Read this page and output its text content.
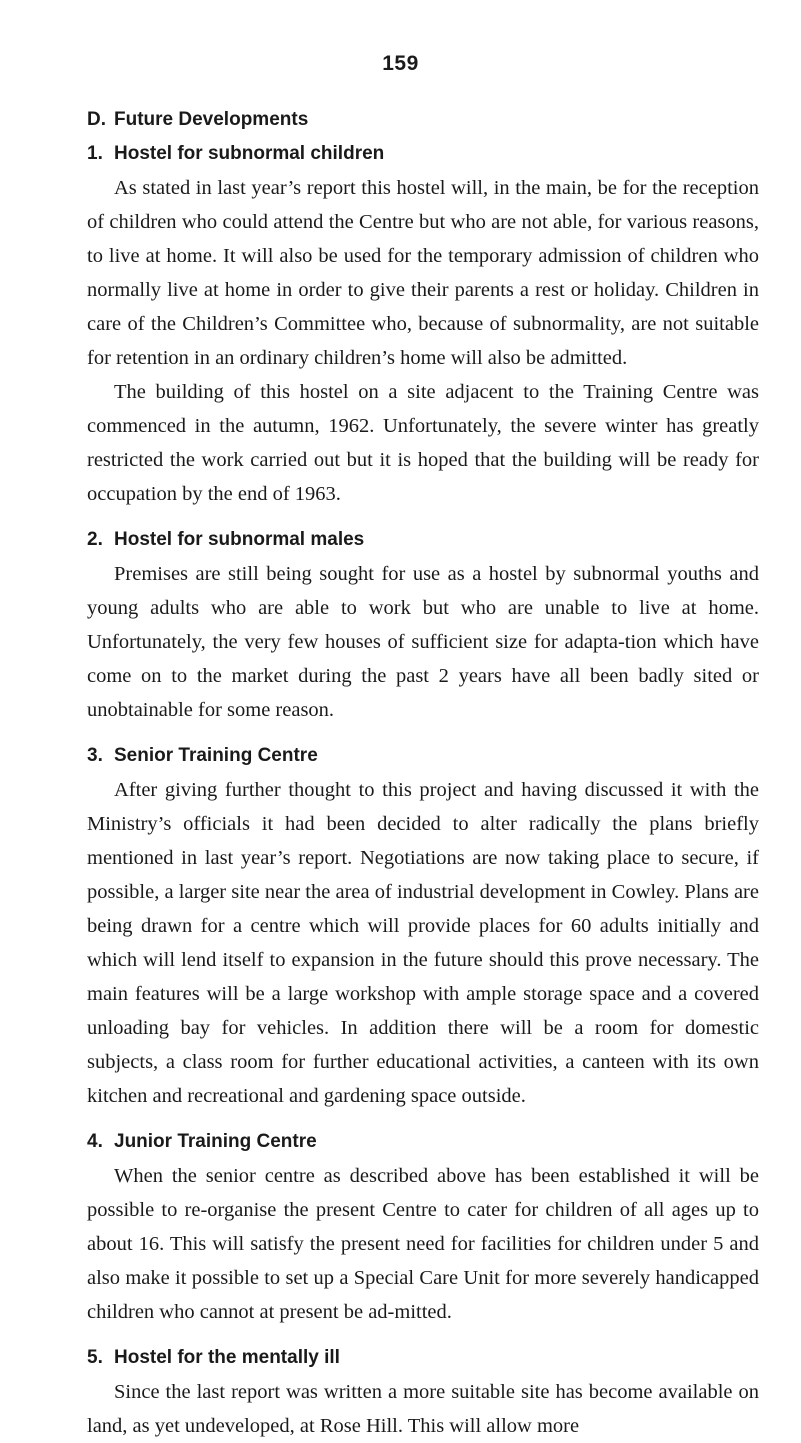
159
D. Future Developments
1. Hostel for subnormal children

As stated in last year’s report this hostel will, in the main, be for the reception of children who could attend the Centre but who are not able, for various reasons, to live at home. It will also be used for the temporary admission of children who normally live at home in order to give their parents a rest or holiday. Children in care of the Children’s Committee who, because of subnormality, are not suitable for retention in an ordinary children’s home will also be admitted.

The building of this hostel on a site adjacent to the Training Centre was commenced in the autumn, 1962. Unfortunately, the severe winter has greatly restricted the work carried out but it is hoped that the building will be ready for occupation by the end of 1963.

2. Hostel for subnormal males

Premises are still being sought for use as a hostel by subnormal youths and young adults who are able to work but who are unable to live at home. Unfortunately, the very few houses of sufficient size for adapta-tion which have come on to the market during the past 2 years have all been badly sited or unobtainable for some reason.

3. Senior Training Centre

After giving further thought to this project and having discussed it with the Ministry’s officials it had been decided to alter radically the plans briefly mentioned in last year’s report. Negotiations are now taking place to secure, if possible, a larger site near the area of industrial development in Cowley. Plans are being drawn for a centre which will provide places for 60 adults initially and which will lend itself to expansion in the future should this prove necessary. The main features will be a large workshop with ample storage space and a covered unloading bay for vehicles. In addition there will be a room for domestic subjects, a class room for further educational activities, a canteen with its own kitchen and recreational and gardening space outside.

4. Junior Training Centre

When the senior centre as described above has been established it will be possible to re-organise the present Centre to cater for children of all ages up to about 16. This will satisfy the present need for facilities for children under 5 and also make it possible to set up a Special Care Unit for more severely handicapped children who cannot at present be ad-mitted.

5. Hostel for the mentally ill

Since the last report was written a more suitable site has become available on land, as yet undeveloped, at Rose Hill. This will allow more
